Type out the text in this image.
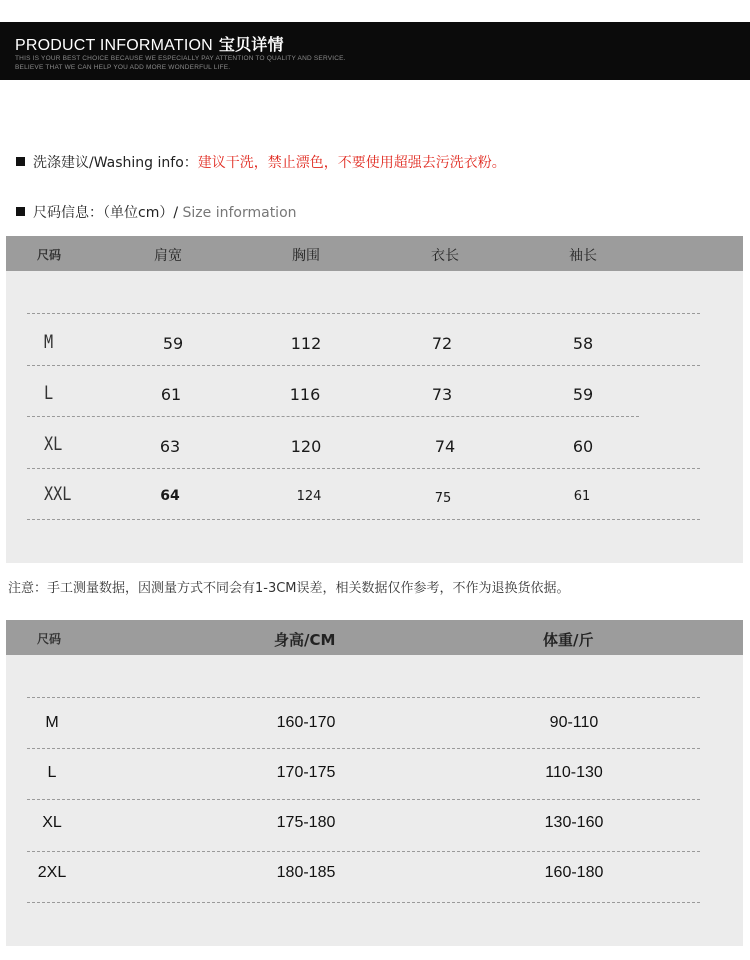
PRODUCT INFORMATION 宝贝详情
THIS IS YOUR BEST CHOICE BECAUSE WE ESPECIALLY PAY ATTENTION TO QUALITY AND SERVICE.
BELIEVE THAT WE CAN HELP YOU ADD MORE WONDERFUL LIFE.
洗涤建议/Washing info：建议干洗，禁止漂色，不要使用超强去污洗衣粉。
尺码信息：（单位cm）/ Size information
尺码	肩宽	胸围	衣长	袖长
M	59	112	72	58
L	61	116	73	59
XL	63	120	74	60
XXL	64	124	75	61
注意：手工测量数据，因测量方式不同会有1-3CM误差，相关数据仅作参考，不作为退换货依据。
尺码	身高/CM	体重/斤
M	160-170	90-110
L	170-175	110-130
XL	175-180	130-160
2XL	180-185	160-180
